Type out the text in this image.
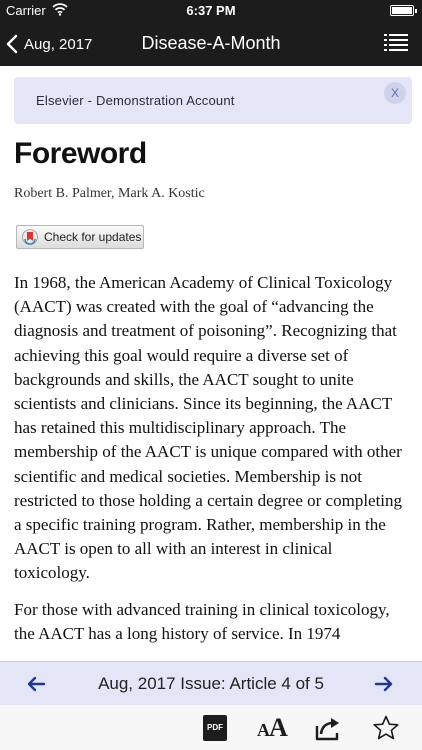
Carrier	6:37 PM
Aug, 2017	Disease-A-Month
Elsevier - Demonstration Account	X
Foreword
Robert B. Palmer, Mark A. Kostic
Check for updates

In 1968, the American Academy of Clinical Toxicology (AACT) was created with the goal of “advancing the diagnosis and treatment of poisoning”. Recognizing that achieving this goal would require a diverse set of backgrounds and skills, the AACT sought to unite scientists and clinicians. Since its beginning, the AACT has retained this multidisciplinary approach. The membership of the AACT is unique compared with other scientific and medical societies. Membership is not restricted to those holding a certain degree or completing a specific training program. Rather, membership in the AACT is open to all with an interest in clinical toxicology.

For those with advanced training in clinical toxicology, the AACT has a long history of service. In 1974

Aug, 2017 Issue: Article 4 of 5
PDF A A
